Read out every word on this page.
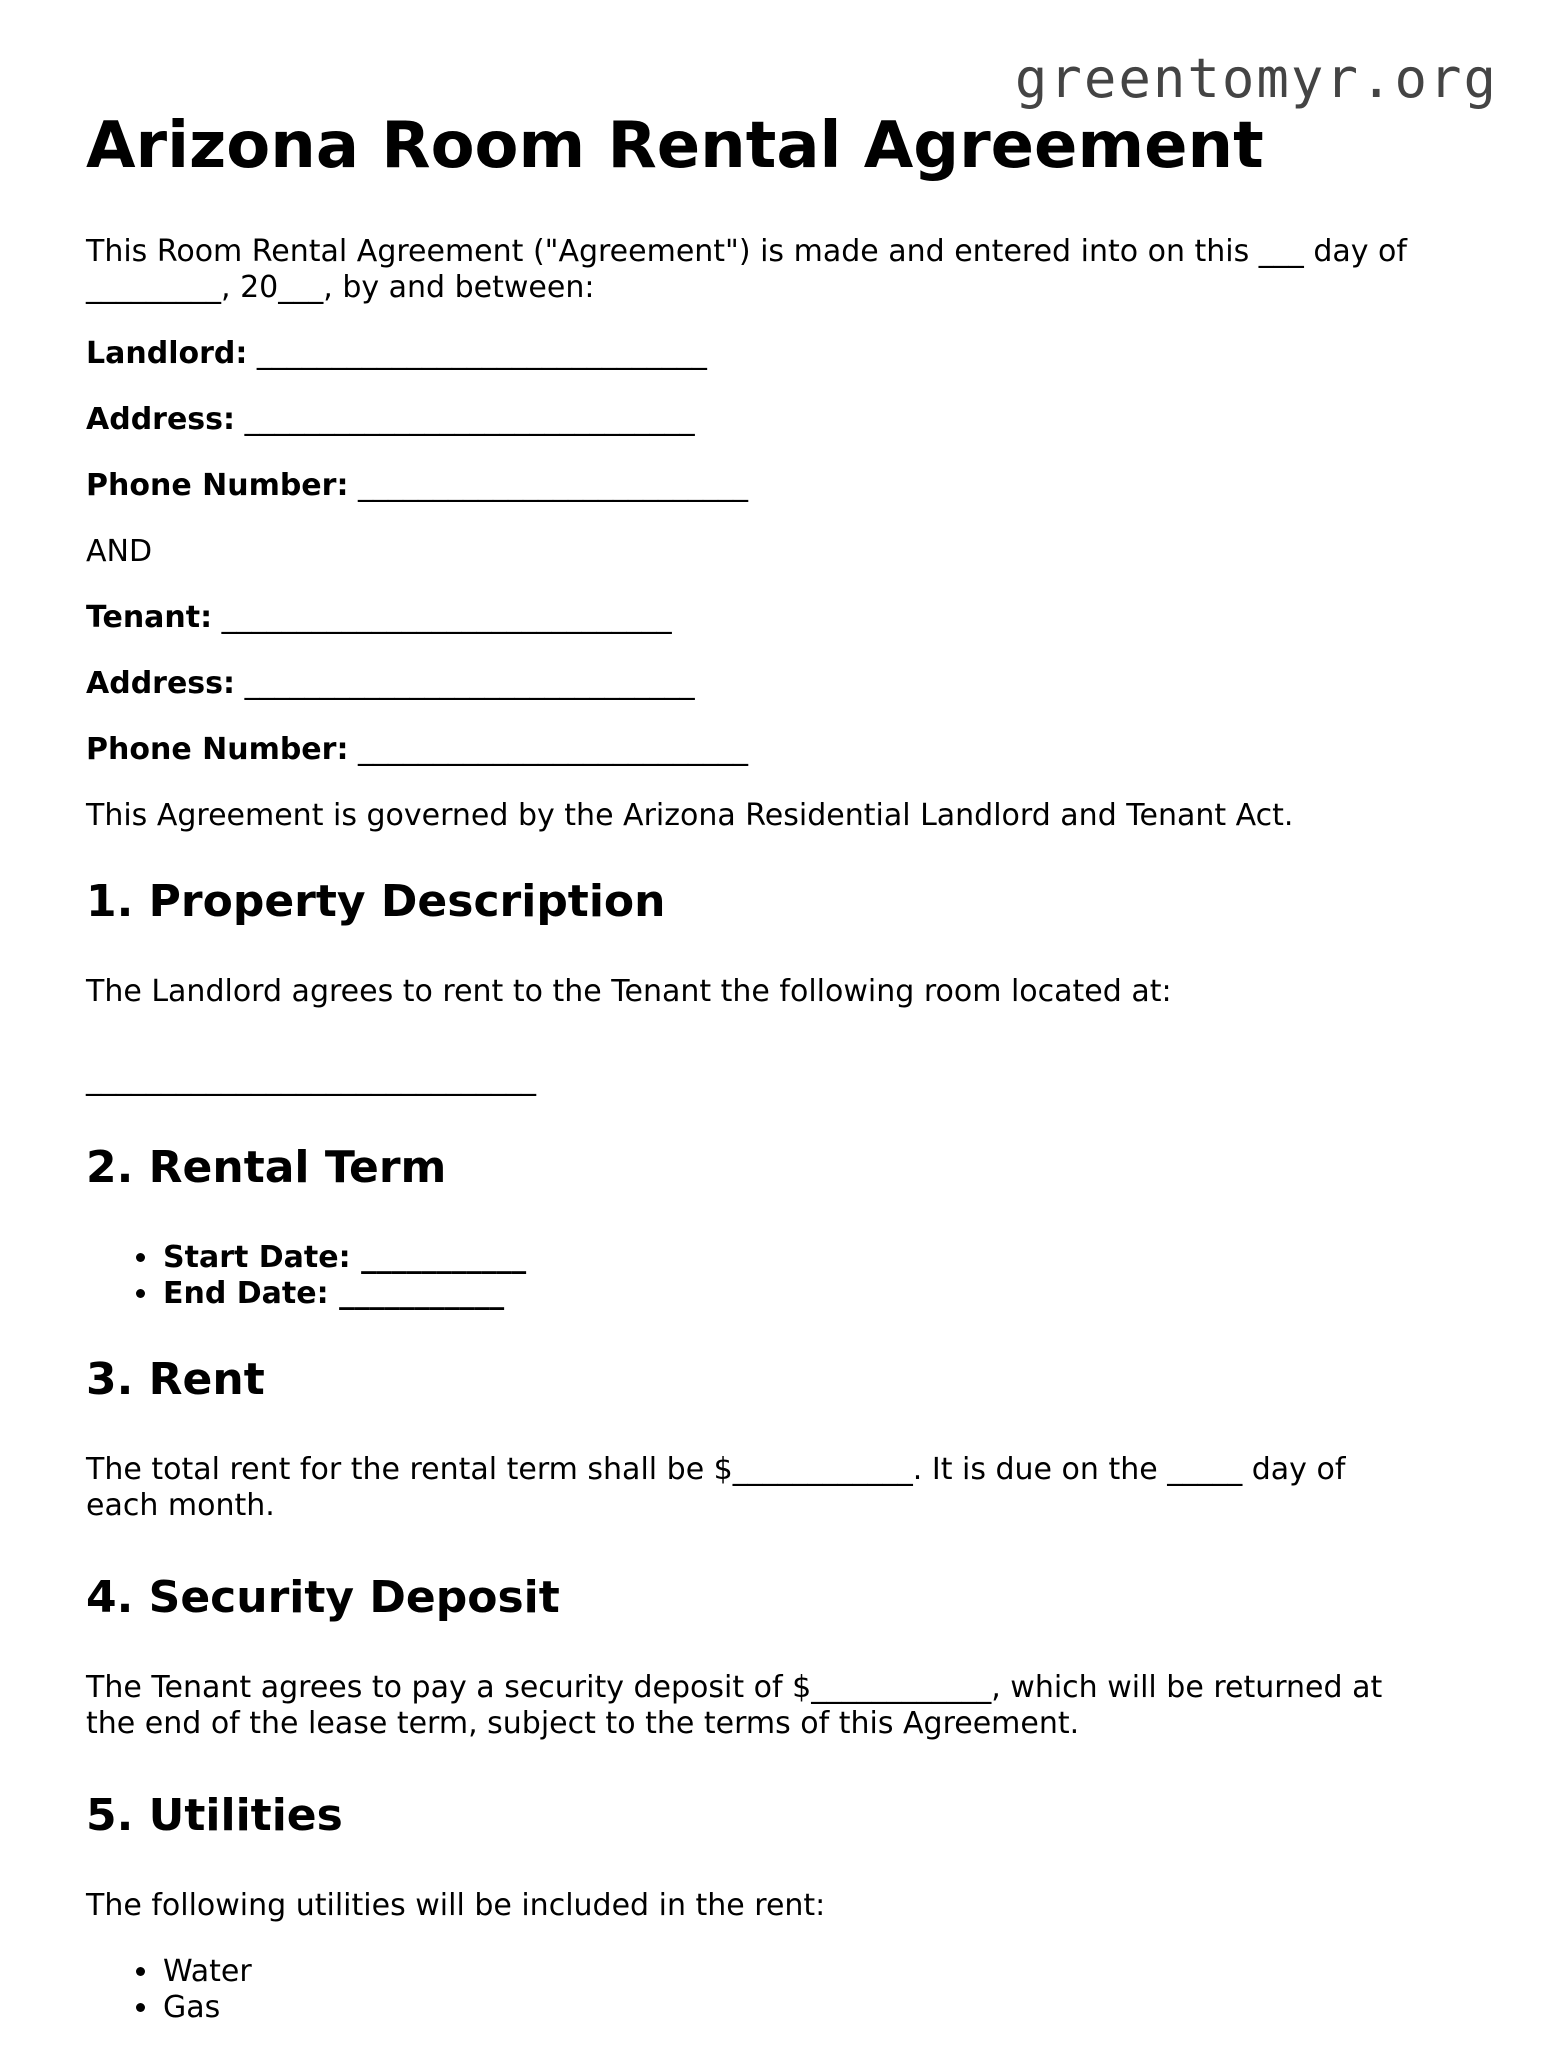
greentomyr.org
Arizona Room Rental Agreement

This Room Rental Agreement ("Agreement") is made and entered into on this ___ day of
_________, 20___, by and between:

Landlord: ______________________________

Address: ______________________________

Phone Number: __________________________

AND

Tenant: ______________________________

Address: ______________________________

Phone Number: __________________________

This Agreement is governed by the Arizona Residential Landlord and Tenant Act.

1. Property Description

The Landlord agrees to rent to the Tenant the following room located at:

______________________________

2. Rental Term
• Start Date: ___________
• End Date: ___________
3. Rent

The total rent for the rental term shall be $____________. It is due on the _____ day of
each month.

4. Security Deposit

The Tenant agrees to pay a security deposit of $____________, which will be returned at
the end of the lease term, subject to the terms of this Agreement.

5. Utilities

The following utilities will be included in the rent:

• Water
• Gas
